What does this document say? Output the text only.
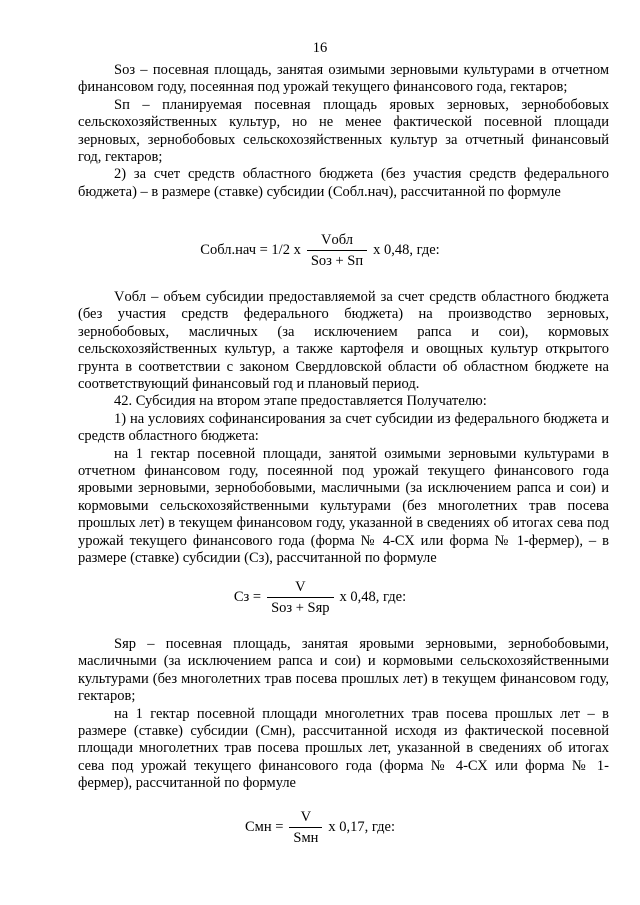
16

Sоз – посевная площадь, занятая озимыми зерновыми культурами в отчетном финансовом году, посеянная под урожай текущего финансового года, гектаров;

Sп – планируемая посевная площадь яровых зерновых, зернобобовых сельскохозяйственных культур, но не менее фактической посевной площади зерновых, зернобобовых сельскохозяйственных культур за отчетный финансовый год, гектаров;

2) за счет средств областного бюджета (без участия средств федерального бюджета) – в размере (ставке) субсидии (Собл.нач), рассчитанной по формуле

Собл.нач = 1/2 x $\frac{\text{Vобл}}{\text{Sоз + Sп}}$ x 0,48, где:

Vобл – объем субсидии предоставляемой за счет средств областного бюджета (без участия средств федерального бюджета) на производство зерновых, зернобобовых, масличных (за исключением рапса и сои), кормовых сельскохозяйственных культур, а также картофеля и овощных культур открытого грунта в соответствии с законом Свердловской области об областном бюджете на соответствующий финансовый год и плановый период.

42. Субсидия на втором этапе предоставляется Получателю:

1) на условиях софинансирования за счет субсидии из федерального бюджета и средств областного бюджета:

на 1 гектар посевной площади, занятой озимыми зерновыми культурами в отчетном финансовом году, посеянной под урожай текущего финансового года яровыми зерновыми, зернобобовыми, масличными (за исключением рапса и сои) и кормовыми сельскохозяйственными культурами (без многолетних трав посева прошлых лет) в текущем финансовом году, указанной в сведениях об итогах сева под урожай текущего финансового года (форма № 4-СХ или форма № 1-фермер), – в размере (ставке) субсидии (Сз), рассчитанной по формуле

Сз = $\frac{V}{\text{Sоз + Sяр}}$ x 0,48, где:

Sяр – посевная площадь, занятая яровыми зерновыми, зернобобовыми, масличными (за исключением рапса и сои) и кормовыми сельскохозяйственными культурами (без многолетних трав посева прошлых лет) в текущем финансовом году, гектаров;

на 1 гектар посевной площади многолетних трав посева прошлых лет – в размере (ставке) субсидии (Смн), рассчитанной исходя из фактической посевной площади многолетних трав посева прошлых лет, указанной в сведениях об итогах сева под урожай текущего финансового года (форма № 4-СХ или форма № 1-фермер), рассчитанной по формуле

Смн = $\frac{V}{\text{Sмн}}$ x 0,17, где:
